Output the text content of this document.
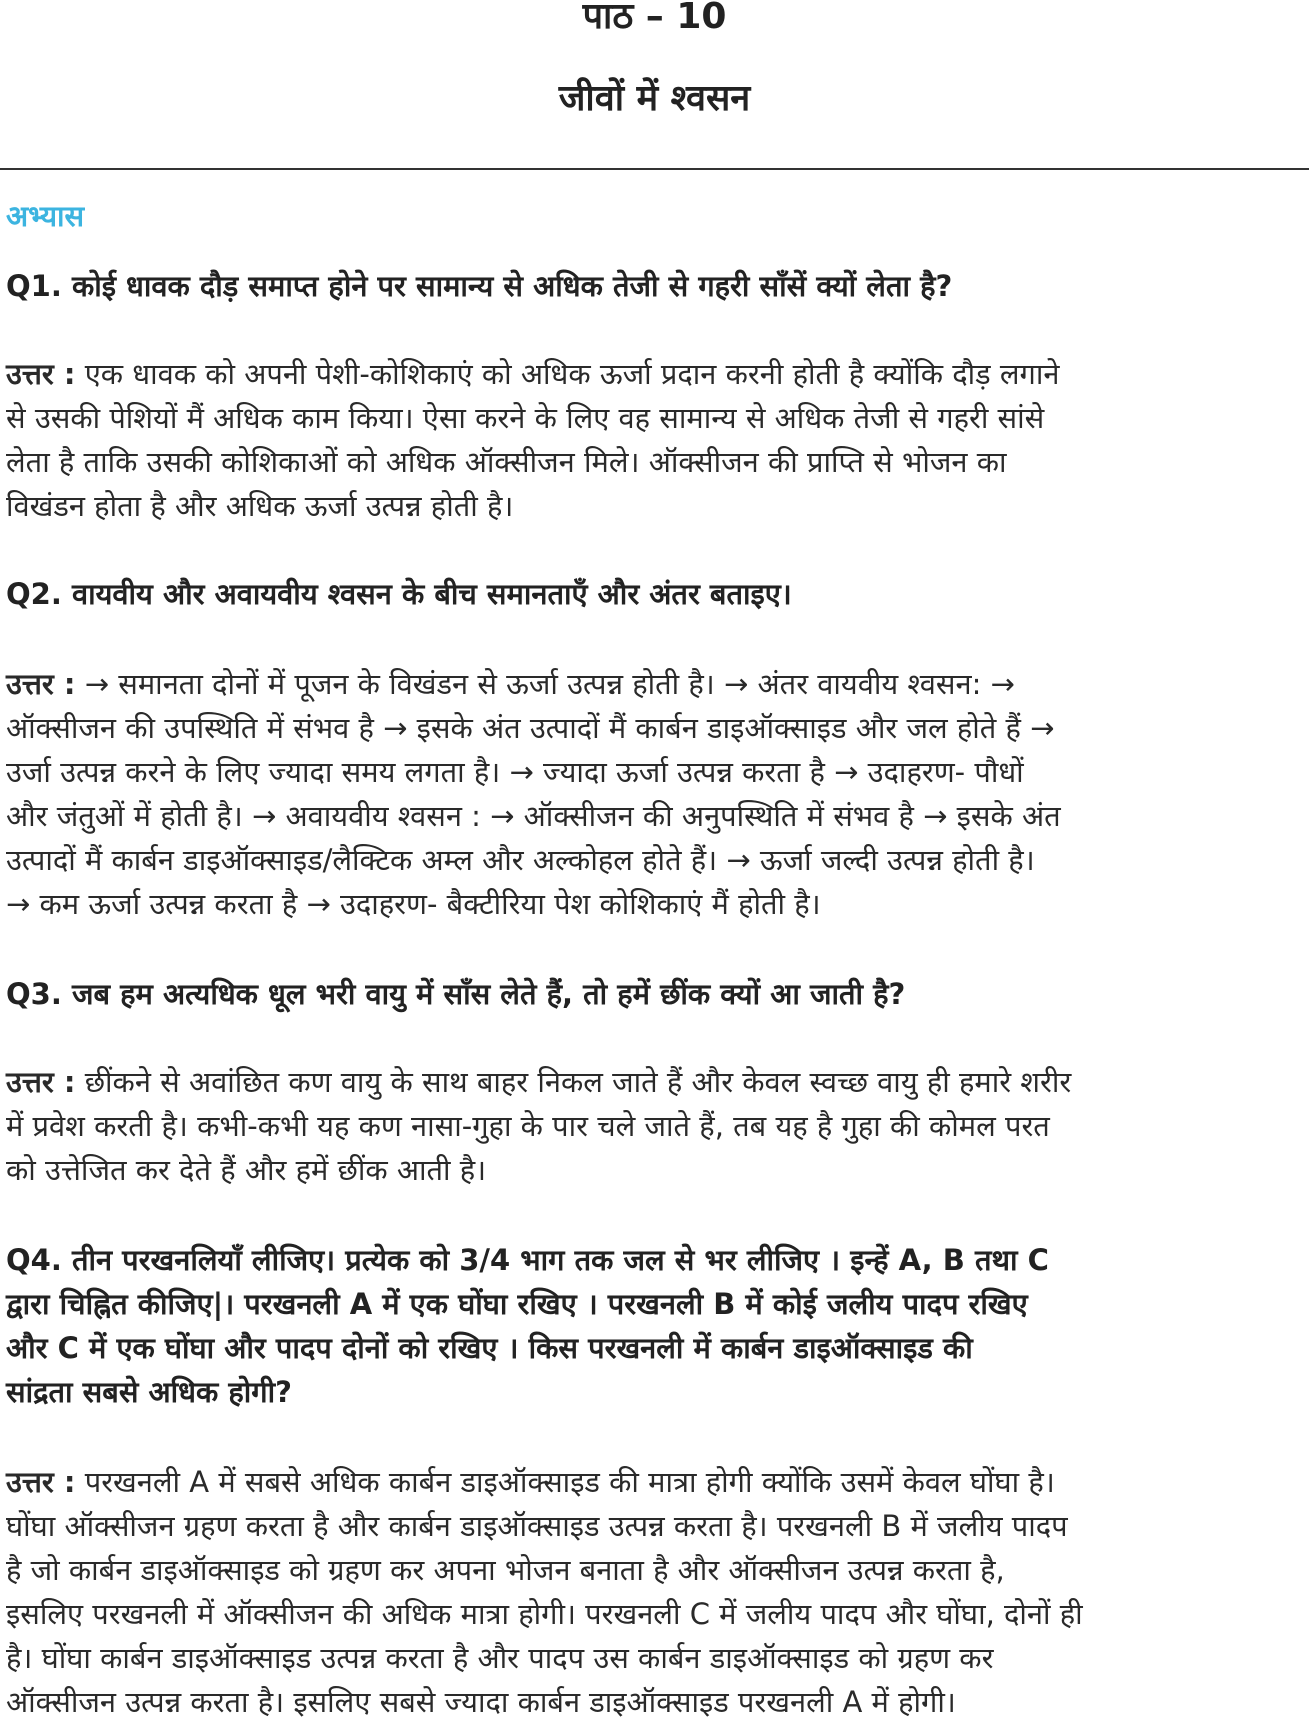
पाठ – 10
जीवों में श्वसन
अभ्यास
Q1. कोई धावक दौड़ समाप्त होने पर सामान्य से अधिक तेजी से गहरी साँसें क्यों लेता है?
उत्तर : एक धावक को अपनी पेशी-कोशिकाएं को अधिक ऊर्जा प्रदान करनी होती है क्योंकि दौड़ लगाने
से उसकी पेशियों मैं अधिक काम किया। ऐसा करने के लिए वह सामान्य से अधिक तेजी से गहरी सांसे
लेता है ताकि उसकी कोशिकाओं को अधिक ऑक्सीजन मिले। ऑक्सीजन की प्राप्ति से भोजन का
विखंडन होता है और अधिक ऊर्जा उत्पन्न होती है।
Q2. वायवीय और अवायवीय श्वसन के बीच समानताएँ और अंतर बताइए।
उत्तर : → समानता दोनों में पूजन के विखंडन से ऊर्जा उत्पन्न होती है। → अंतर वायवीय श्वसन: →
ऑक्सीजन की उपस्थिति में संभव है → इसके अंत उत्पादों मैं कार्बन डाइऑक्साइड और जल होते हैं →
उर्जा उत्पन्न करने के लिए ज्यादा समय लगता है। → ज्यादा ऊर्जा उत्पन्न करता है → उदाहरण- पौधों
और जंतुओं में होती है। → अवायवीय श्वसन : → ऑक्सीजन की अनुपस्थिति में संभव है → इसके अंत
उत्पादों मैं कार्बन डाइऑक्साइड/लैक्टिक अम्ल और अल्कोहल होते हैं। → ऊर्जा जल्दी उत्पन्न होती है।
→ कम ऊर्जा उत्पन्न करता है → उदाहरण- बैक्टीरिया पेश कोशिकाएं मैं होती है।
Q3. जब हम अत्यधिक धूल भरी वायु में साँस लेते हैं, तो हमें छींक क्यों आ जाती है?
उत्तर : छींकने से अवांछित कण वायु के साथ बाहर निकल जाते हैं और केवल स्वच्छ वायु ही हमारे शरीर
में प्रवेश करती है। कभी-कभी यह कण नासा-गुहा के पार चले जाते हैं, तब यह है गुहा की कोमल परत
को उत्तेजित कर देते हैं और हमें छींक आती है।
Q4. तीन परखनलियाँ लीजिए। प्रत्येक को 3/4 भाग तक जल से भर लीजिए । इन्हें A, B तथा C
द्वारा चिह्नित कीजिए|। परखनली A में एक घोंघा रखिए । परखनली B में कोई जलीय पादप रखिए
और C में एक घोंघा और पादप दोनों को रखिए । किस परखनली में कार्बन डाइऑक्साइड की
सांद्रता सबसे अधिक होगी?
उत्तर : परखनली A में सबसे अधिक कार्बन डाइऑक्साइड की मात्रा होगी क्योंकि उसमें केवल घोंघा है।
घोंघा ऑक्सीजन ग्रहण करता है और कार्बन डाइऑक्साइड उत्पन्न करता है। परखनली B में जलीय पादप
है जो कार्बन डाइऑक्साइड को ग्रहण कर अपना भोजन बनाता है और ऑक्सीजन उत्पन्न करता है,
इसलिए परखनली में ऑक्सीजन की अधिक मात्रा होगी। परखनली C में जलीय पादप और घोंघा, दोनों ही
है। घोंघा कार्बन डाइऑक्साइड उत्पन्न करता है और पादप उस कार्बन डाइऑक्साइड को ग्रहण कर
ऑक्सीजन उत्पन्न करता है। इसलिए सबसे ज्यादा कार्बन डाइऑक्साइड परखनली A में होगी।
